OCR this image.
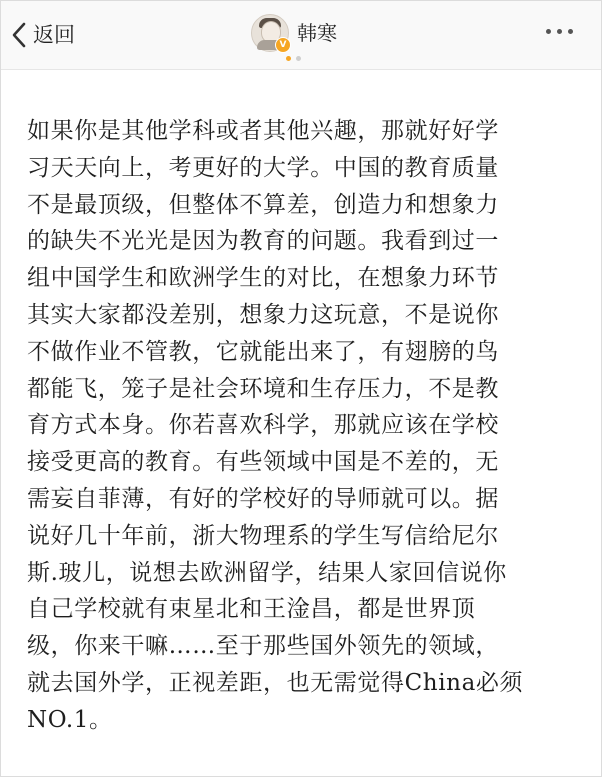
返回	V 韩寒
如果你是其他学科或者其他兴趣，那就好好学
习天天向上，考更好的大学。中国的教育质量
不是最顶级，但整体不算差，创造力和想象力
的缺失不光光是因为教育的问题。我看到过一
组中国学生和欧洲学生的对比，在想象力环节
其实大家都没差别，想象力这玩意，不是说你
不做作业不管教，它就能出来了，有翅膀的鸟
都能飞，笼子是社会环境和生存压力，不是教
育方式本身。你若喜欢科学，那就应该在学校
接受更高的教育。有些领域中国是不差的，无
需妄自菲薄，有好的学校好的导师就可以。据
说好几十年前，浙大物理系的学生写信给尼尔
斯.玻儿，说想去欧洲留学，结果人家回信说你
自己学校就有束星北和王淦昌，都是世界顶
级，你来干嘛……至于那些国外领先的领域，
就去国外学，正视差距，也无需觉得China必须
NO.1。
